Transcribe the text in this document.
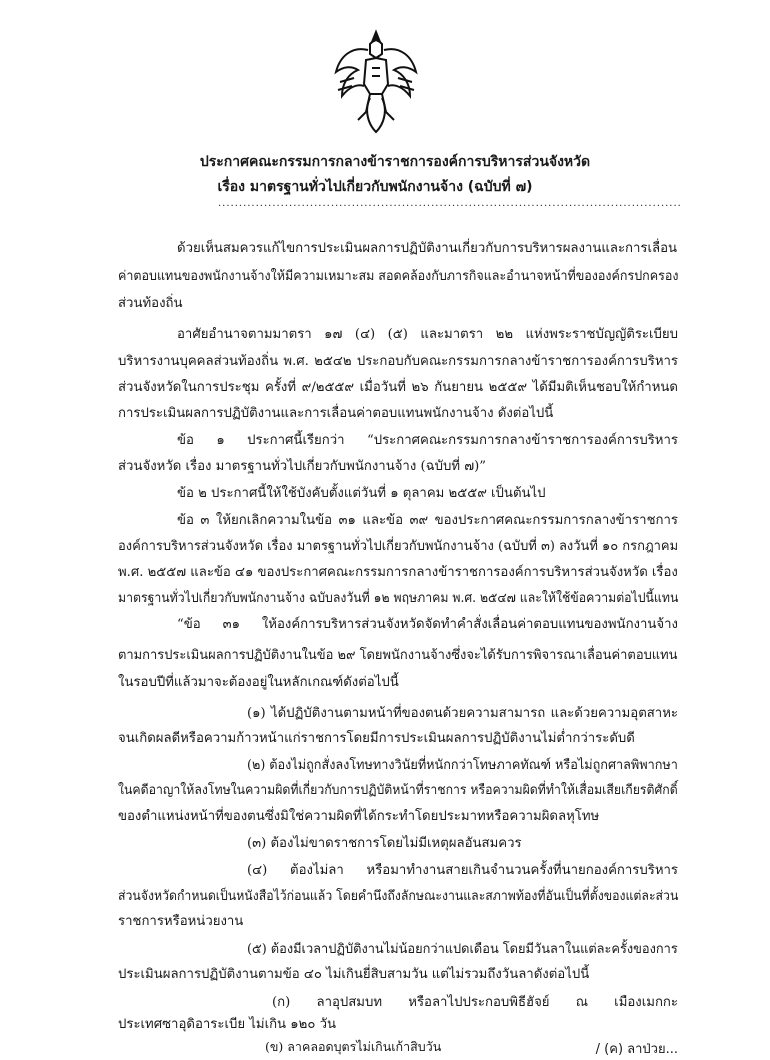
ประกาศคณะกรรมการกลางข้าราชการองค์การบริหารส่วนจังหวัด
เรื่อง มาตรฐานทั่วไปเกี่ยวกับพนักงานจ้าง (ฉบับที่ ๗)
...............................................................................................................
ด้วยเห็นสมควรแก้ไขการประเมินผลการปฏิบัติงานเกี่ยวกับการบริหารผลงานและการเลื่อน
ค่าตอบแทนของพนักงานจ้างให้มีความเหมาะสม สอดคล้องกับภารกิจและอำนาจหน้าที่ขององค์กรปกครอง
ส่วนท้องถิ่น
อาศัยอำนาจตามมาตรา ๑๗ (๔) (๕) และมาตรา ๒๒ แห่งพระราชบัญญัติระเบียบ
บริหารงานบุคคลส่วนท้องถิ่น พ.ศ. ๒๕๔๒ ประกอบกับคณะกรรมการกลางข้าราชการองค์การบริหาร
ส่วนจังหวัดในการประชุม ครั้งที่ ๙/๒๕๕๙ เมื่อวันที่ ๒๖ กันยายน ๒๕๕๙ ได้มีมติเห็นชอบให้กำหนด
การประเมินผลการปฏิบัติงานและการเลื่อนค่าตอบแทนพนักงานจ้าง ดังต่อไปนี้
ข้อ ๑ ประกาศนี้เรียกว่า “ประกาศคณะกรรมการกลางข้าราชการองค์การบริหาร
ส่วนจังหวัด เรื่อง มาตรฐานทั่วไปเกี่ยวกับพนักงานจ้าง (ฉบับที่ ๗)”
ข้อ ๒ ประกาศนี้ให้ใช้บังคับตั้งแต่วันที่ ๑ ตุลาคม ๒๕๕๙ เป็นต้นไป
ข้อ ๓ ให้ยกเลิกความในข้อ ๓๑ และข้อ ๓๙ ของประกาศคณะกรรมการกลางข้าราชการ
องค์การบริหารส่วนจังหวัด เรื่อง มาตรฐานทั่วไปเกี่ยวกับพนักงานจ้าง (ฉบับที่ ๓) ลงวันที่ ๑๐ กรกฎาคม
พ.ศ. ๒๕๕๗ และข้อ ๔๑ ของประกาศคณะกรรมการกลางข้าราชการองค์การบริหารส่วนจังหวัด เรื่อง
มาตรฐานทั่วไปเกี่ยวกับพนักงานจ้าง ฉบับลงวันที่ ๑๒ พฤษภาคม พ.ศ. ๒๕๔๗ และให้ใช้ข้อความต่อไปนี้แทน
“ข้อ ๓๑ ให้องค์การบริหารส่วนจังหวัดจัดทำคำสั่งเลื่อนค่าตอบแทนของพนักงานจ้าง
ตามการประเมินผลการปฏิบัติงานในข้อ ๒๙ โดยพนักงานจ้างซึ่งจะได้รับการพิจารณาเลื่อนค่าตอบแทน
ในรอบปีที่แล้วมาจะต้องอยู่ในหลักเกณฑ์ดังต่อไปนี้
(๑) ได้ปฏิบัติงานตามหน้าที่ของตนด้วยความสามารถ และด้วยความอุตสาหะ
จนเกิดผลดีหรือความก้าวหน้าแก่ราชการโดยมีการประเมินผลการปฏิบัติงานไม่ต่ำกว่าระดับดี
(๒) ต้องไม่ถูกสั่งลงโทษทางวินัยที่หนักกว่าโทษภาคทัณฑ์ หรือไม่ถูกศาลพิพากษา
ในคดีอาญาให้ลงโทษในความผิดที่เกี่ยวกับการปฏิบัติหน้าที่ราชการ หรือความผิดที่ทำให้เสื่อมเสียเกียรติศักดิ์
ของตำแหน่งหน้าที่ของตนซึ่งมิใช่ความผิดที่ได้กระทำโดยประมาทหรือความผิดลหุโทษ
(๓) ต้องไม่ขาดราชการโดยไม่มีเหตุผลอันสมควร
(๔) ต้องไม่ลา หรือมาทำงานสายเกินจำนวนครั้งที่นายกองค์การบริหาร
ส่วนจังหวัดกำหนดเป็นหนังสือไว้ก่อนแล้ว โดยคำนึงถึงลักษณะงานและสภาพท้องที่อันเป็นที่ตั้งของแต่ละส่วน
ราชการหรือหน่วยงาน
(๕) ต้องมีเวลาปฏิบัติงานไม่น้อยกว่าแปดเดือน โดยมีวันลาในแต่ละครั้งของการ
ประเมินผลการปฏิบัติงานตามข้อ ๔๐ ไม่เกินยี่สิบสามวัน แต่ไม่รวมถึงวันลาดังต่อไปนี้
(ก) ลาอุปสมบท หรือลาไปประกอบพิธีฮัจย์ ณ เมืองเมกกะ
ประเทศซาอุดิอาระเบีย ไม่เกิน ๑๒๐ วัน
(ข) ลาคลอดบุตรไม่เกินเก้าสิบวัน	/ (ค) ลาป่วย...
